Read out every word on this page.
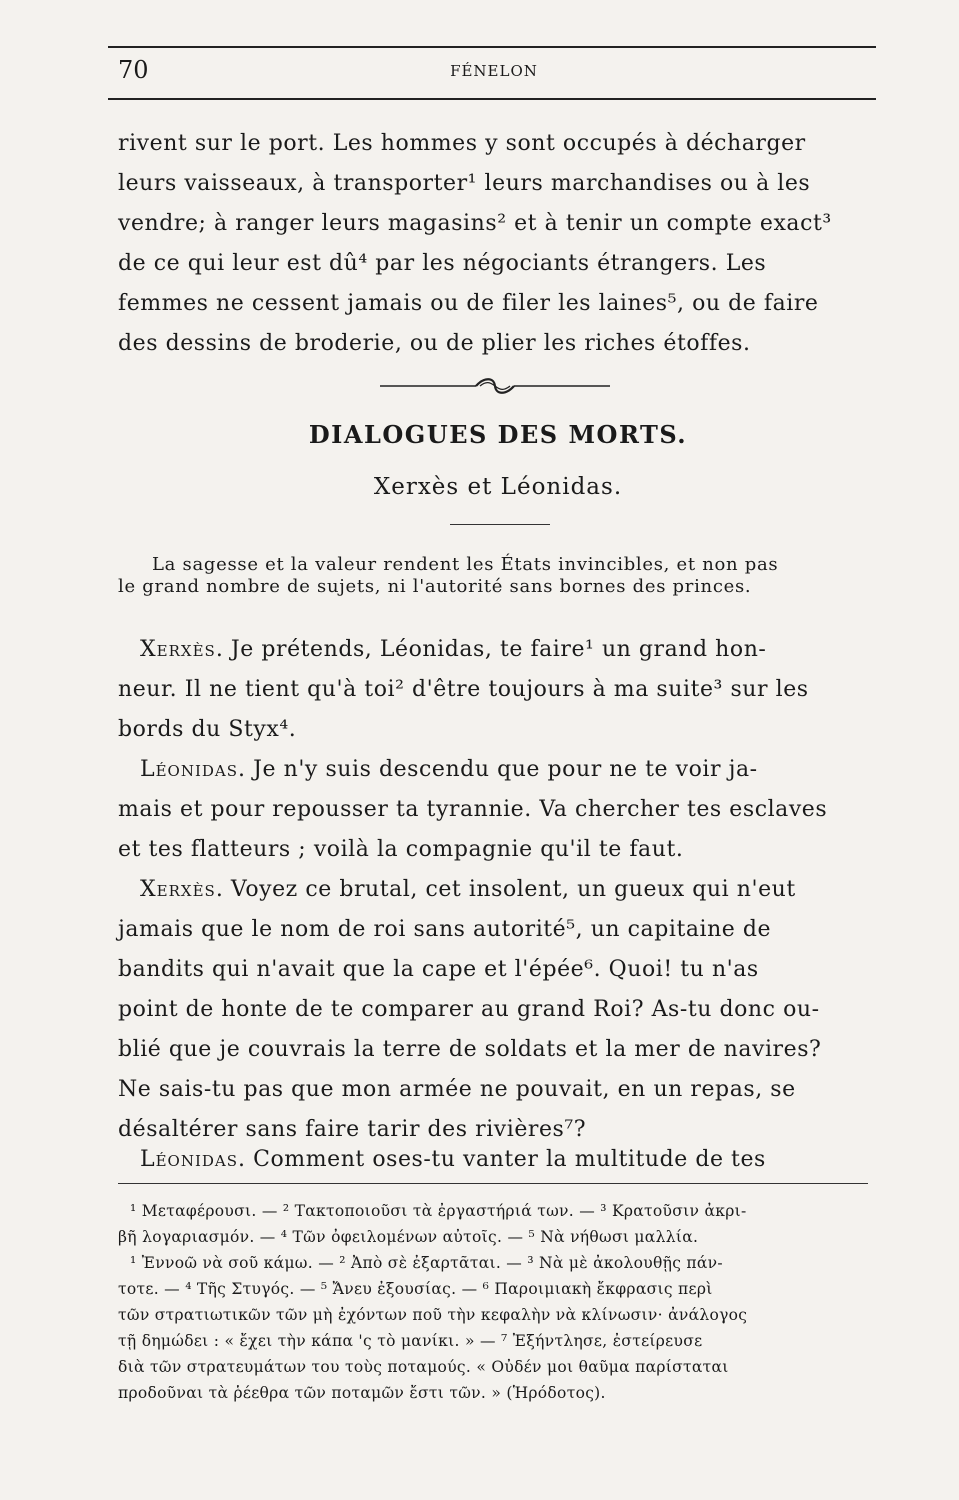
70	FÉNELON
rivent sur le port. Les hommes y sont occupés à décharger
leurs vaisseaux, à transporter¹ leurs marchandises ou à les
vendre; à ranger leurs magasins² et à tenir un compte exact³
de ce qui leur est dû⁴ par les négociants étrangers. Les
femmes ne cessent jamais ou de filer les laines⁵, ou de faire
des dessins de broderie, ou de plier les riches étoffes.
DIALOGUES DES MORTS.
Xerxès et Léonidas.
La sagesse et la valeur rendent les États invincibles, et non pas
le grand nombre de sujets, ni l'autorité sans bornes des princes.
Xerxès. Je prétends, Léonidas, te faire¹ un grand hon-
neur. Il ne tient qu'à toi² d'être toujours à ma suite³ sur les
bords du Styx⁴.
Léonidas. Je n'y suis descendu que pour ne te voir ja-
mais et pour repousser ta tyrannie. Va chercher tes esclaves
et tes flatteurs ; voilà la compagnie qu'il te faut.
Xerxès. Voyez ce brutal, cet insolent, un gueux qui n'eut
jamais que le nom de roi sans autorité⁵, un capitaine de
bandits qui n'avait que la cape et l'épée⁶. Quoi! tu n'as
point de honte de te comparer au grand Roi? As-tu donc ou-
blié que je couvrais la terre de soldats et la mer de navires?
Ne sais-tu pas que mon armée ne pouvait, en un repas, se
désaltérer sans faire tarir des rivières⁷?
Léonidas. Comment oses-tu vanter la multitude de tes
¹ Μεταφέρουσι. — ² Τακτοποιοῦσι τὰ ἐργαστήριά των. — ³ Κρατοῦσιν ἀκρι-
βῆ λογαριασμόν. — ⁴ Τῶν ὀφειλομένων αὐτοῖς. — ⁵ Νὰ νήθωσι μαλλία.
¹ Ἐννοῶ νὰ σοῦ κάμω. — ² Ἀπὸ σὲ ἐξαρτᾶται. — ³ Νὰ μὲ ἀκολουθῇς πάν-
τοτε. — ⁴ Τῆς Στυγός. — ⁵ Ἄνευ ἐξουσίας. — ⁶ Παροιμιακὴ ἔκφρασις περὶ
τῶν στρατιωτικῶν τῶν μὴ ἐχόντων ποῦ τὴν κεφαλὴν νὰ κλίνωσιν· ἀνάλογος
τῇ δημώδει : « ἔχει τὴν κάπα 'ς τὸ μανίκι. » — ⁷ Ἐξήντλησε, ἐστείρευσε
διὰ τῶν στρατευμάτων του τοὺς ποταμούς. « Οὐδέν μοι θαῦμα παρίσταται
προδοῦναι τὰ ῥέεθρα τῶν ποταμῶν ἔστι τῶν. » (Ἡρόδοτος).
